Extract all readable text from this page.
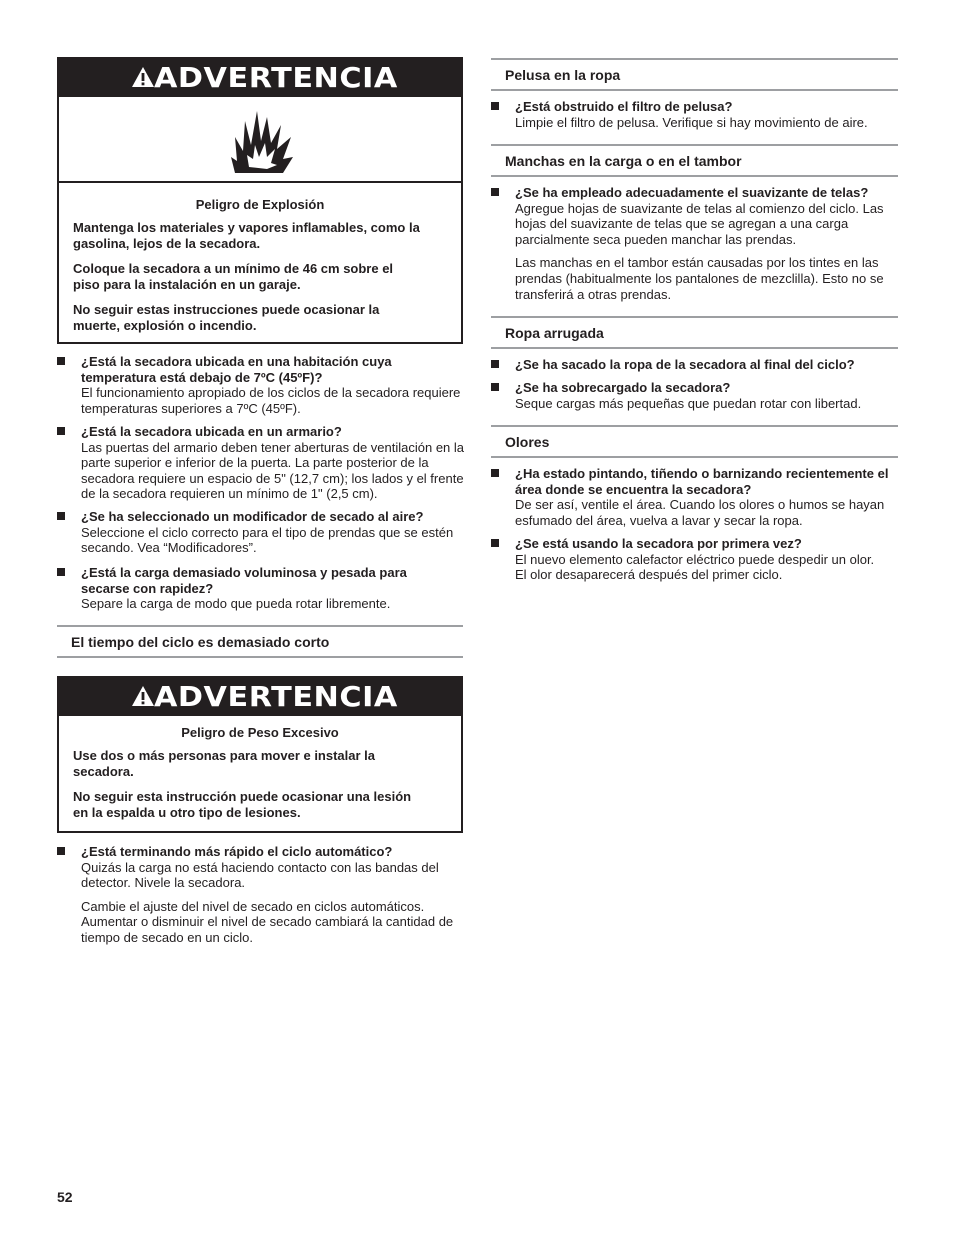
ADVERTENCIA
Peligro de Explosión
Mantenga los materiales y vapores inflamables, como la gasolina, lejos de la secadora.
Coloque la secadora a un mínimo de 46 cm sobre el piso para la instalación en un garaje.
No seguir estas instrucciones puede ocasionar la muerte, explosión o incendio.
¿Está la secadora ubicada en una habitación cuya temperatura está debajo de 7ºC (45ºF)?
El funcionamiento apropiado de los ciclos de la secadora requiere temperaturas superiores a 7ºC (45ºF).
¿Está la secadora ubicada en un armario?
Las puertas del armario deben tener aberturas de ventilación en la parte superior e inferior de la puerta. La parte posterior de la secadora requiere un espacio de 5" (12,7 cm); los lados y el frente de la secadora requieren un mínimo de 1" (2,5 cm).
¿Se ha seleccionado un modificador de secado al aire?
Seleccione el ciclo correcto para el tipo de prendas que se estén secando. Vea “Modificadores”.
¿Está la carga demasiado voluminosa y pesada para secarse con rapidez?
Separe la carga de modo que pueda rotar libremente.
El tiempo del ciclo es demasiado corto
ADVERTENCIA
Peligro de Peso Excesivo
Use dos o más personas para mover e instalar la secadora.
No seguir esta instrucción puede ocasionar una lesión en la espalda u otro tipo de lesiones.
¿Está terminando más rápido el ciclo automático?
Quizás la carga no está haciendo contacto con las bandas del detector. Nivele la secadora.
Cambie el ajuste del nivel de secado en ciclos automáticos. Aumentar o disminuir el nivel de secado cambiará la cantidad de tiempo de secado en un ciclo.
Pelusa en la ropa
¿Está obstruido el filtro de pelusa?
Limpie el filtro de pelusa. Verifique si hay movimiento de aire.
Manchas en la carga o en el tambor
¿Se ha empleado adecuadamente el suavizante de telas?
Agregue hojas de suavizante de telas al comienzo del ciclo. Las hojas del suavizante de telas que se agregan a una carga parcialmente seca pueden manchar las prendas.
Las manchas en el tambor están causadas por los tintes en las prendas (habitualmente los pantalones de mezclilla). Esto no se transferirá a otras prendas.
Ropa arrugada
¿Se ha sacado la ropa de la secadora al final del ciclo?
¿Se ha sobrecargado la secadora?
Seque cargas más pequeñas que puedan rotar con libertad.
Olores
¿Ha estado pintando, tiñendo o barnizando recientemente el área donde se encuentra la secadora?
De ser así, ventile el área. Cuando los olores o humos se hayan esfumado del área, vuelva a lavar y secar la ropa.
¿Se está usando la secadora por primera vez?
El nuevo elemento calefactor eléctrico puede despedir un olor. El olor desaparecerá después del primer ciclo.
52
